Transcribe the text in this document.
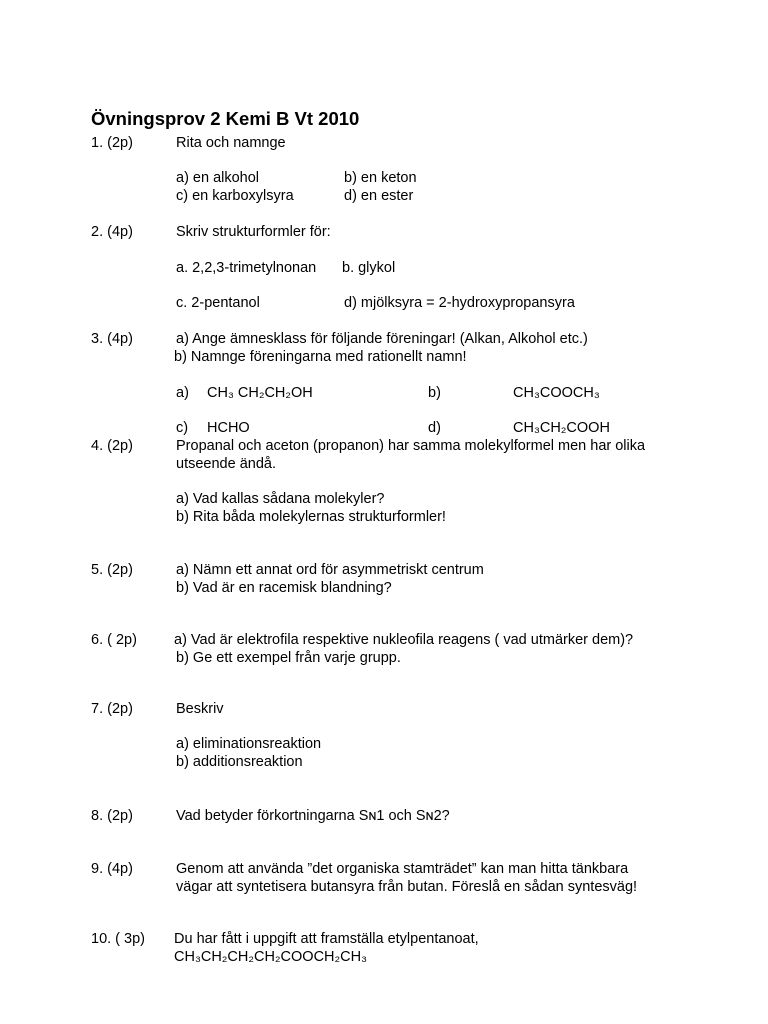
Övningsprov 2 Kemi B Vt 2010
1. (2p)	Rita och namnge
a) en alkohol	b) en keton
c) en karboxylsyra	d) en ester
2. (4p)	Skriv strukturformler för:
a. 2,2,3-trimetylnonan b. glykol
c. 2-pentanol	d) mjölksyra = 2-hydroxypropansyra
3. (4p)	a) Ange ämnesklass för följande föreningar! (Alkan, Alkohol etc.)
b) Namnge föreningarna med rationellt namn!
a) CH₃ CH₂CH₂OH	b)	CH₃COOCH₃
c) HCHO	d)	CH₃CH₂COOH
4. (2p)	Propanal och aceton (propanon) har samma molekylformel men har olika
utseende ändå.
a) Vad kallas sådana molekyler?
b) Rita båda molekylernas strukturformler!
5. (2p)	a) Nämn ett annat ord för asymmetriskt centrum
b) Vad är en racemisk blandning?
6. ( 2p)	a) Vad är elektrofila respektive nukleofila reagens ( vad utmärker dem)?
b) Ge ett exempel från varje grupp.
7. (2p)	Beskriv
a) eliminationsreaktion
b) additionsreaktion
8. (2p)	Vad betyder förkortningarna Sɴ1 och Sɴ2?
9. (4p)	Genom att använda ”det organiska stamträdet” kan man hitta tänkbara
vägar att syntetisera butansyra från butan. Föreslå en sådan syntesväg!
10. ( 3p) Du har fått i uppgift att framställa etylpentanoat,
CH₃CH₂CH₂CH₂COOCH₂CH₃
